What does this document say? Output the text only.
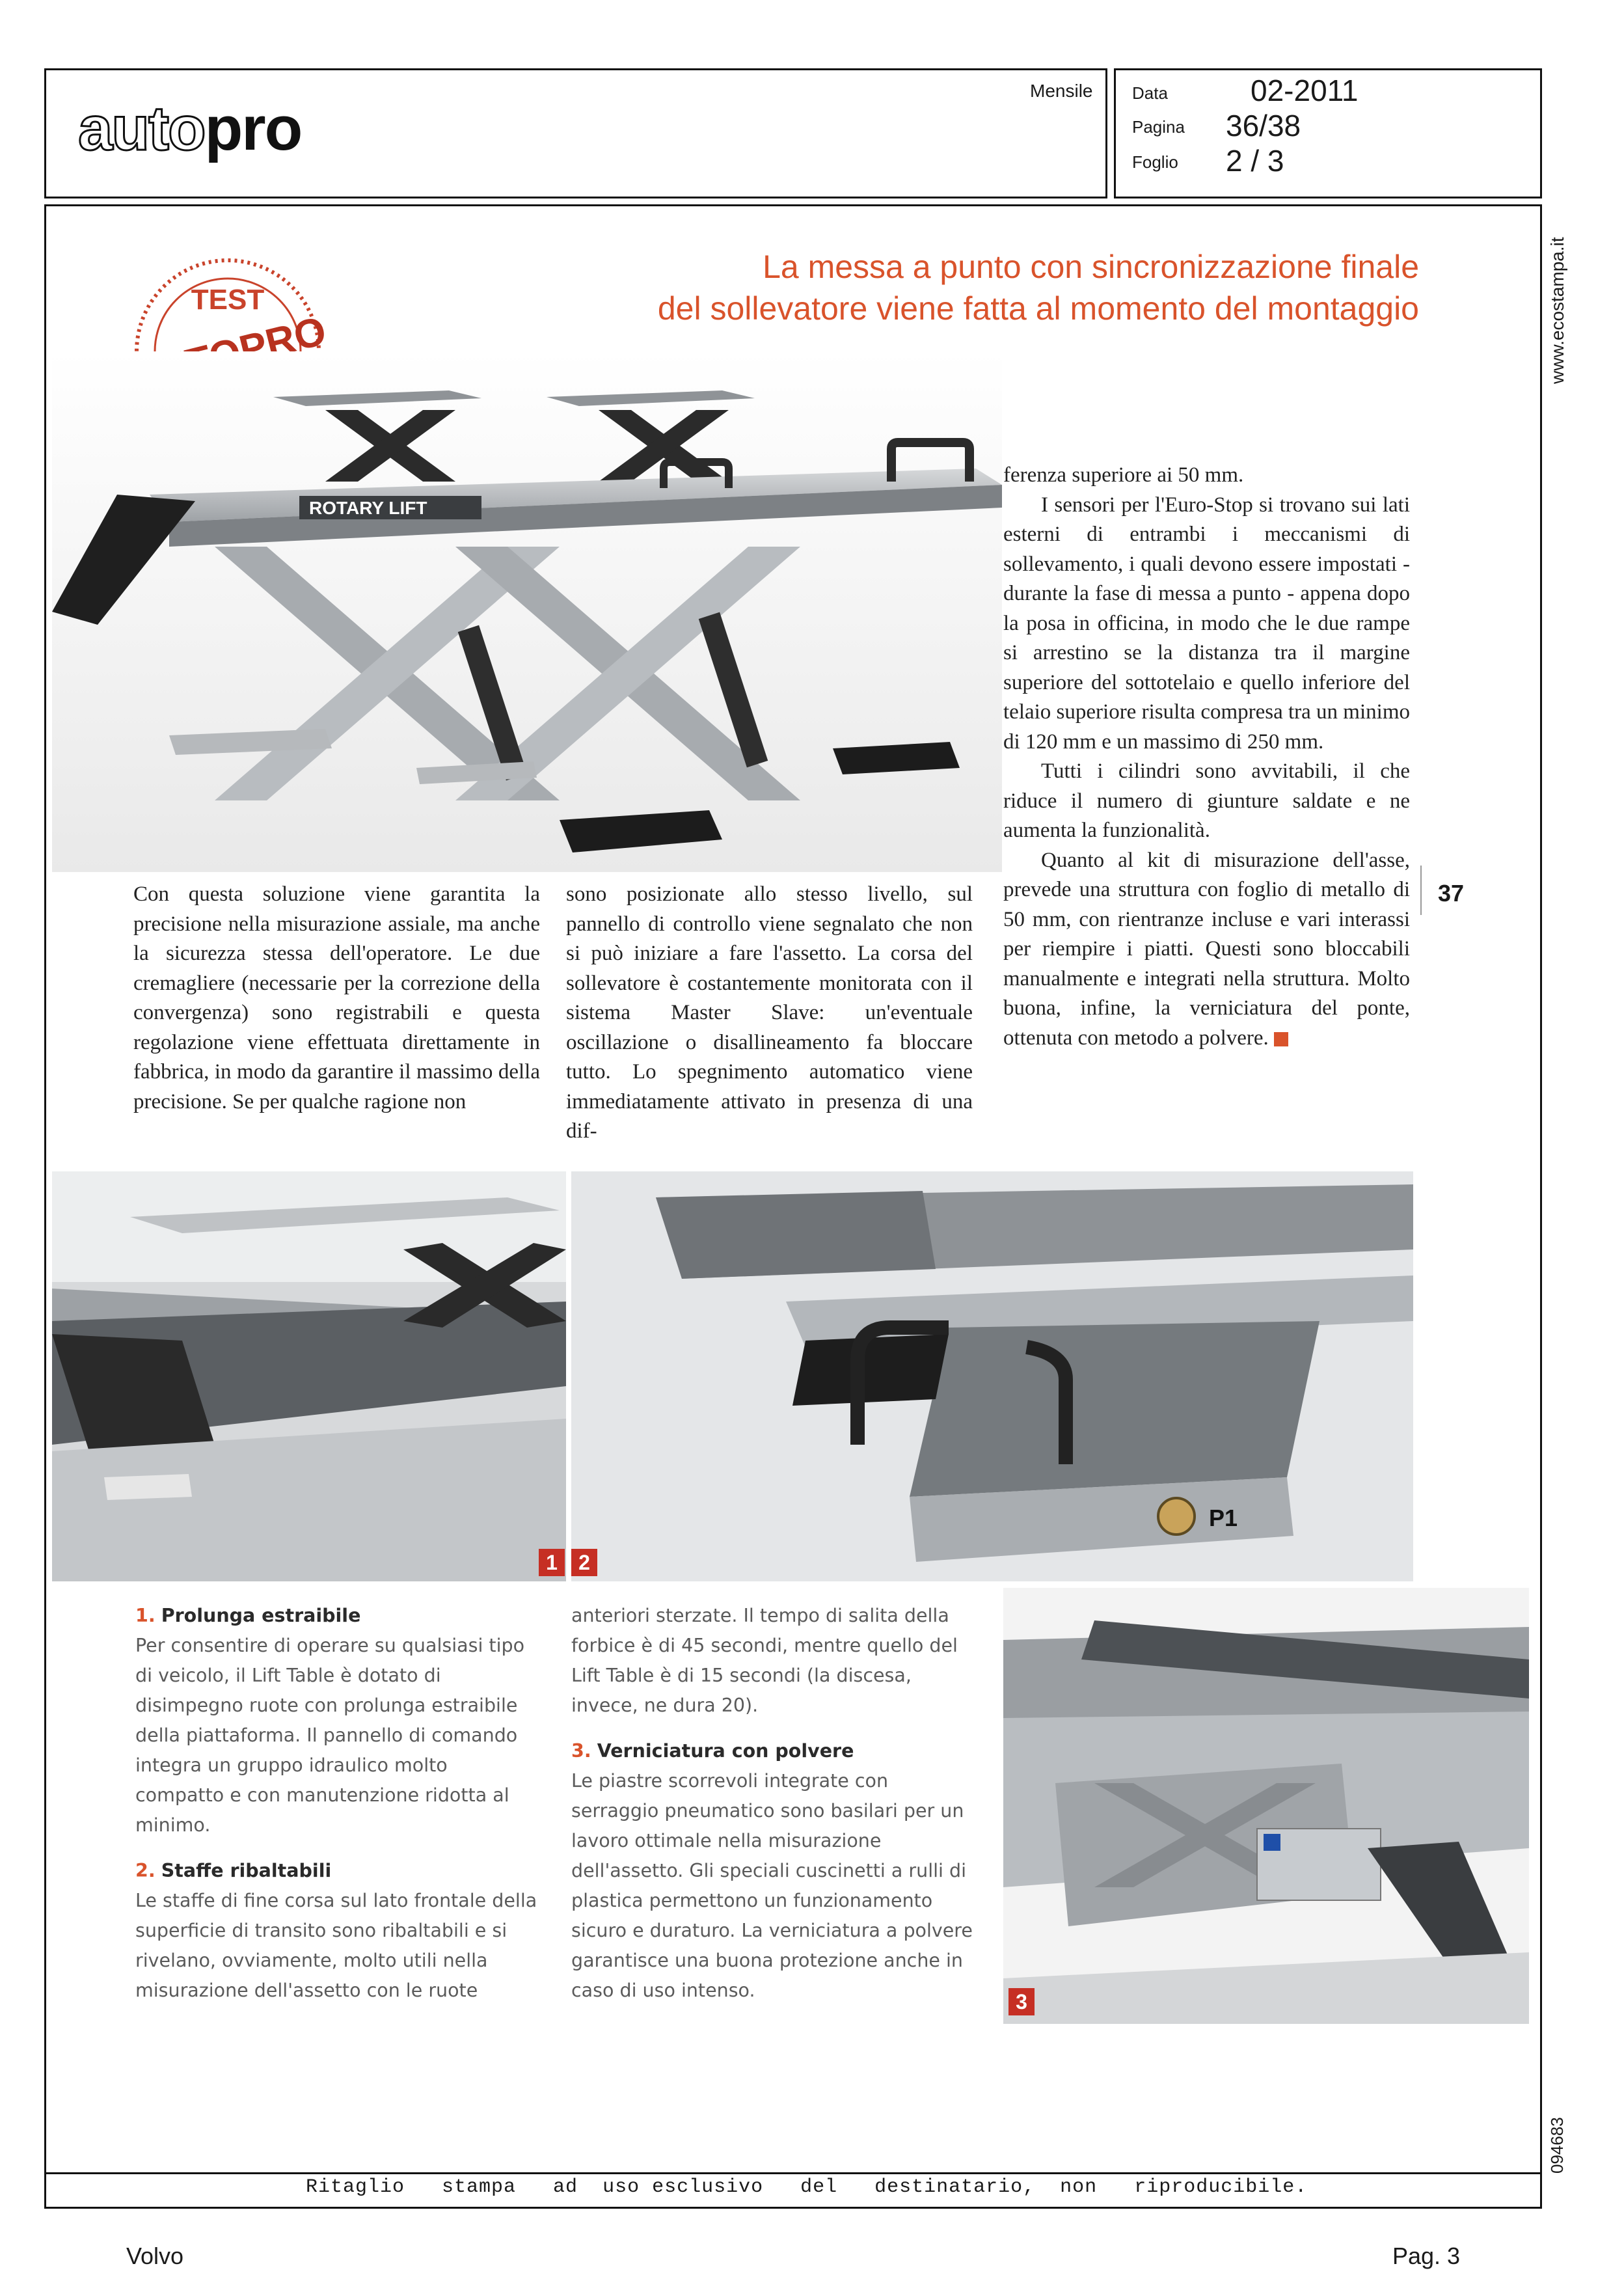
autopro
Mensile Data	02-2011
Pagina 36/38
Foglio 2 / 3
www.ecostampa.it
094683
La messa a punto con sincronizzazione finale
del sollevatore viene fatta al momento del montaggio
TEST
ROTARY LIFT

Con questa soluzione viene garantita la precisione nella misurazione assiale, ma anche la sicurezza stessa dell'operatore. Le due cremagliere (necessarie per la correzione della convergenza) sono registrabili e questa regolazione viene effettuata direttamente in fabbrica, in modo da garantire il massimo della precisione. Se per qualche ragione non

sono posizionate allo stesso livello, sul pannello di controllo viene segnalato che non si può iniziare a fare l'assetto. La corsa del sollevatore è costantemente monitorata con il sistema Master Slave: un'eventuale oscillazione o disallineamento fa bloccare tutto. Lo spegnimento automatico viene immediatamente attivato in presenza di una dif-

ferenza superiore ai 50 mm.

I sensori per l'Euro-Stop si trovano sui lati esterni di entrambi i meccanismi di sollevamento, i quali devono essere impostati - durante la fase di messa a punto - appena dopo la posa in officina, in modo che le due rampe si arrestino se la distanza tra il margine superiore del sottotelaio e quello inferiore del telaio superiore risulta compresa tra un minimo di 120 mm e un massimo di 250 mm.

Tutti i cilindri sono avvitabili, il che riduce il numero di giunture saldate e ne aumenta la funzionalità.

Quanto al kit di misurazione dell'asse, prevede una struttura con foglio di metallo di 50 mm, con rientranze incluse e vari interassi per riempire i piatti. Questi sono bloccabili manualmente e integrati nella struttura. Molto buona, infine, la verniciatura del ponte, ottenuta con metodo a polvere.

37
1
P1
2
3

1. Prolunga estraibile

Per consentire di operare su qualsiasi tipo di veicolo, il Lift Table è dotato di disimpegno ruote con prolunga estraibile della piattaforma. Il pannello di comando integra un gruppo idraulico molto compatto e con manutenzione ridotta al minimo.

2. Staffe ribaltabili

Le staffe di fine corsa sul lato frontale della superficie di transito sono ribaltabili e si rivelano, ovviamente, molto utili nella misurazione dell'assetto con le ruote

anteriori sterzate. Il tempo di salita della forbice è di 45 secondi, mentre quello del Lift Table è di 15 secondi (la discesa, invece, ne dura 20).

3. Verniciatura con polvere

Le piastre scorrevoli integrate con serraggio pneumatico sono basilari per un lavoro ottimale nella misurazione dell'assetto. Gli speciali cuscinetti a rulli di plastica permettono un funzionamento sicuro e duraturo. La verniciatura a polvere garantisce una buona protezione anche in caso di uso intenso.

Ritaglio   stampa   ad  uso esclusivo   del   destinatario,  non   riproducibile.
Volvo	Pag. 3
